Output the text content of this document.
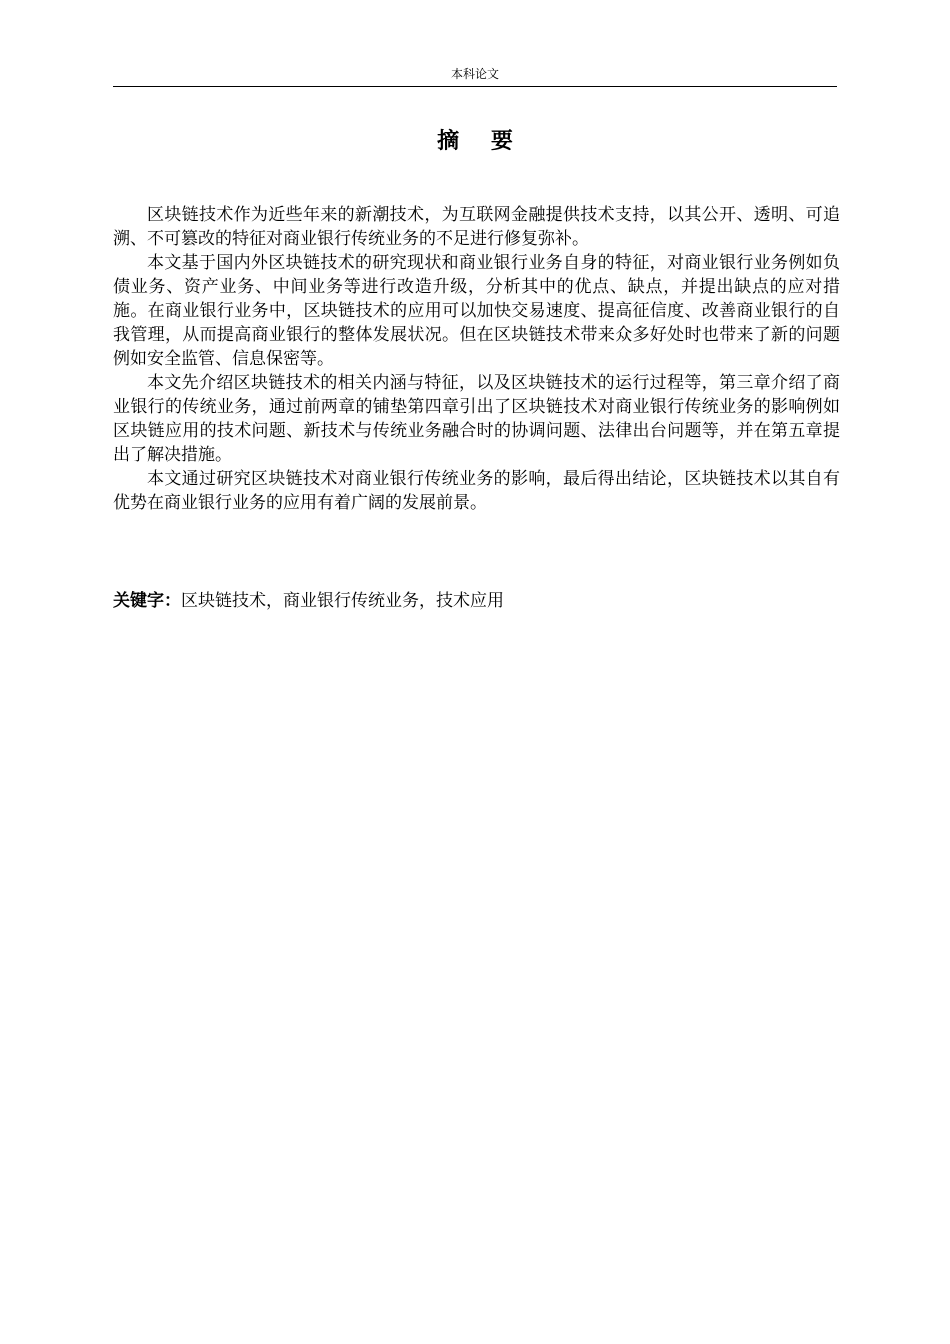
本科论文
摘 要

区块链技术作为近些年来的新潮技术，为互联网金融提供技术支持，以其公开、透明、可追溯、不可篡改的特征对商业银行传统业务的不足进行修复弥补。

本文基于国内外区块链技术的研究现状和商业银行业务自身的特征，对商业银行业务例如负债业务、资产业务、中间业务等进行改造升级，分析其中的优点、缺点，并提出缺点的应对措施。在商业银行业务中，区块链技术的应用可以加快交易速度、提高征信度、改善商业银行的自我管理，从而提高商业银行的整体发展状况。但在区块链技术带来众多好处时也带来了新的问题例如安全监管、信息保密等。

本文先介绍区块链技术的相关内涵与特征，以及区块链技术的运行过程等，第三章介绍了商业银行的传统业务，通过前两章的铺垫第四章引出了区块链技术对商业银行传统业务的影响例如区块链应用的技术问题、新技术与传统业务融合时的协调问题、法律出台问题等，并在第五章提出了解决措施。

本文通过研究区块链技术对商业银行传统业务的影响，最后得出结论，区块链技术以其自有优势在商业银行业务的应用有着广阔的发展前景。

关键字：区块链技术，商业银行传统业务，技术应用
